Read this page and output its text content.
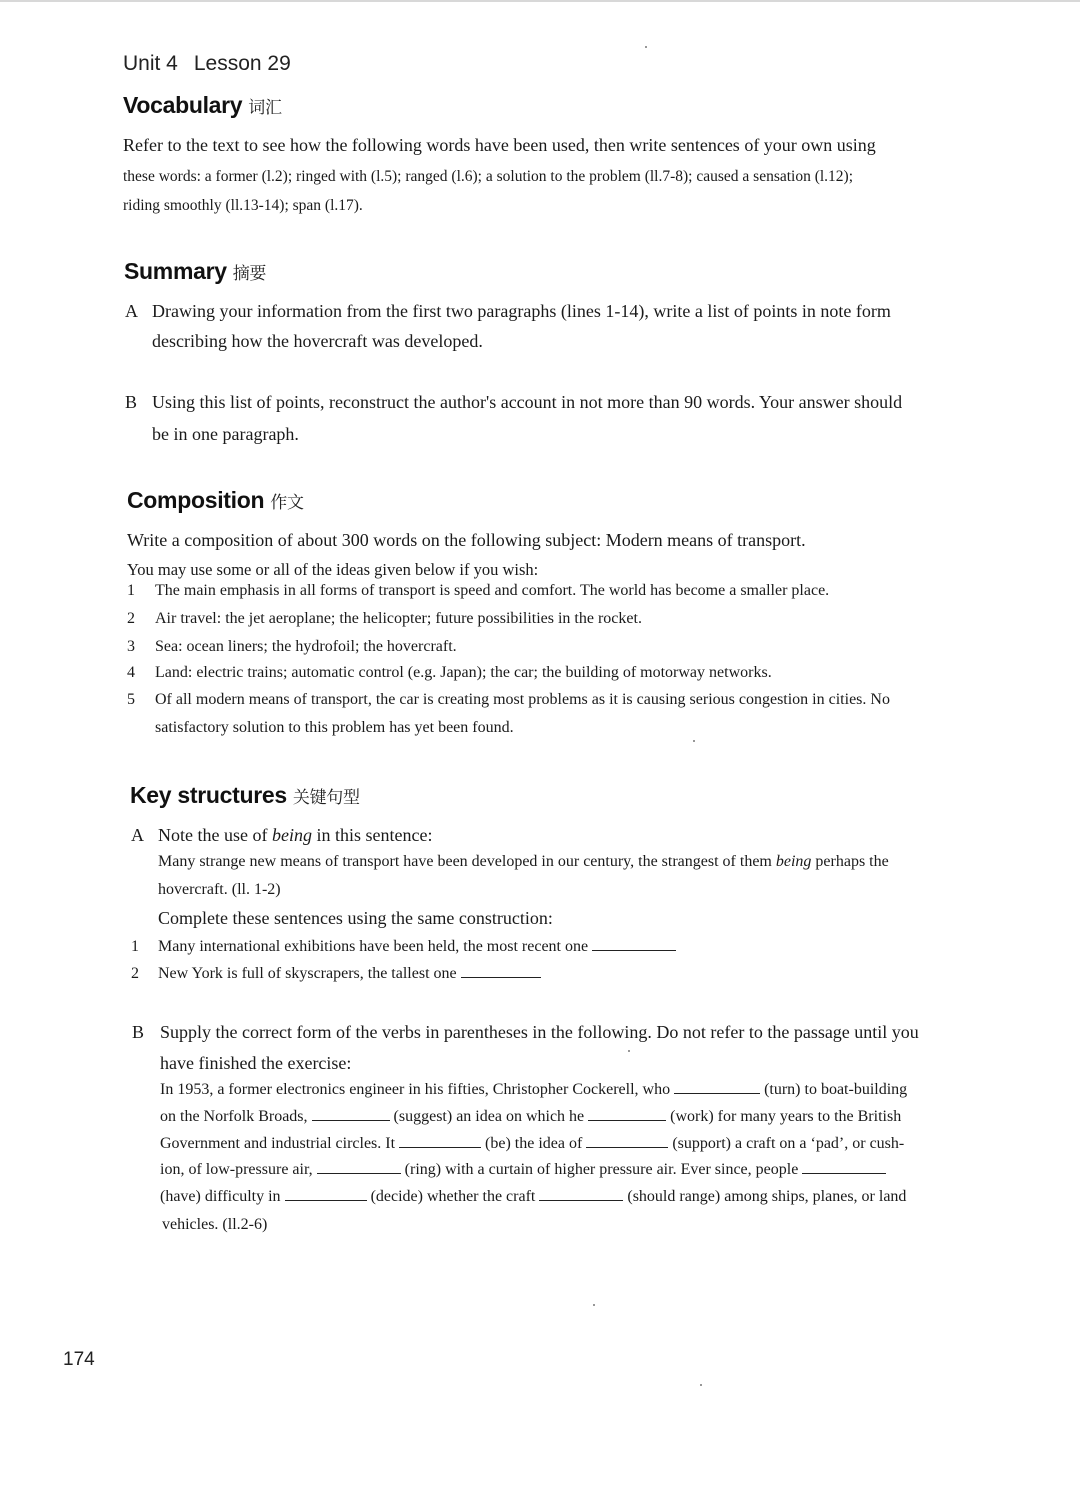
Unit 4 Lesson 29
Vocabulary 词汇
Refer to the text to see how the following words have been used, then write sentences of your own using
these words: a former (l.2); ringed with (l.5); ranged (l.6); a solution to the problem (ll.7-8); caused a sensation (l.12);
riding smoothly (ll.13-14); span (l.17).
Summary 摘要
A Drawing your information from the first two paragraphs (lines 1-14), write a list of points in note form
describing how the hovercraft was developed.
B Using this list of points, reconstruct the author's account in not more than 90 words. Your answer should
be in one paragraph.
Composition 作文
Write a composition of about 300 words on the following subject: Modern means of transport.
You may use some or all of the ideas given below if you wish:
1 The main emphasis in all forms of transport is speed and comfort. The world has become a smaller place.
2 Air travel: the jet aeroplane; the helicopter; future possibilities in the rocket.
3 Sea: ocean liners; the hydrofoil; the hovercraft.
4 Land: electric trains; automatic control (e.g. Japan); the car; the building of motorway networks.
5 Of all modern means of transport, the car is creating most problems as it is causing serious congestion in cities. No
satisfactory solution to this problem has yet been found.
Key structures 关键句型
A Note the use of being in this sentence:
Many strange new means of transport have been developed in our century, the strangest of them being perhaps the
hovercraft. (ll. 1-2)
Complete these sentences using the same construction:
1 Many international exhibitions have been held, the most recent one
2 New York is full of skyscrapers, the tallest one
B Supply the correct form of the verbs in parentheses in the following. Do not refer to the passage until you
have finished the exercise:
In 1953, a former electronics engineer in his fifties, Christopher Cockerell, who	(turn) to boat-building
on the Norfolk Broads,	(suggest) an idea on which he	(work) for many years to the British
Government and industrial circles. It	(be) the idea of	(support) a craft on a ‘pad’, or cush-
ion, of low-pressure air,	(ring) with a curtain of higher pressure air. Ever since, people
(have) difficulty in	(decide) whether the craft	(should range) among ships, planes, or land
vehicles. (ll.2-6)
174
